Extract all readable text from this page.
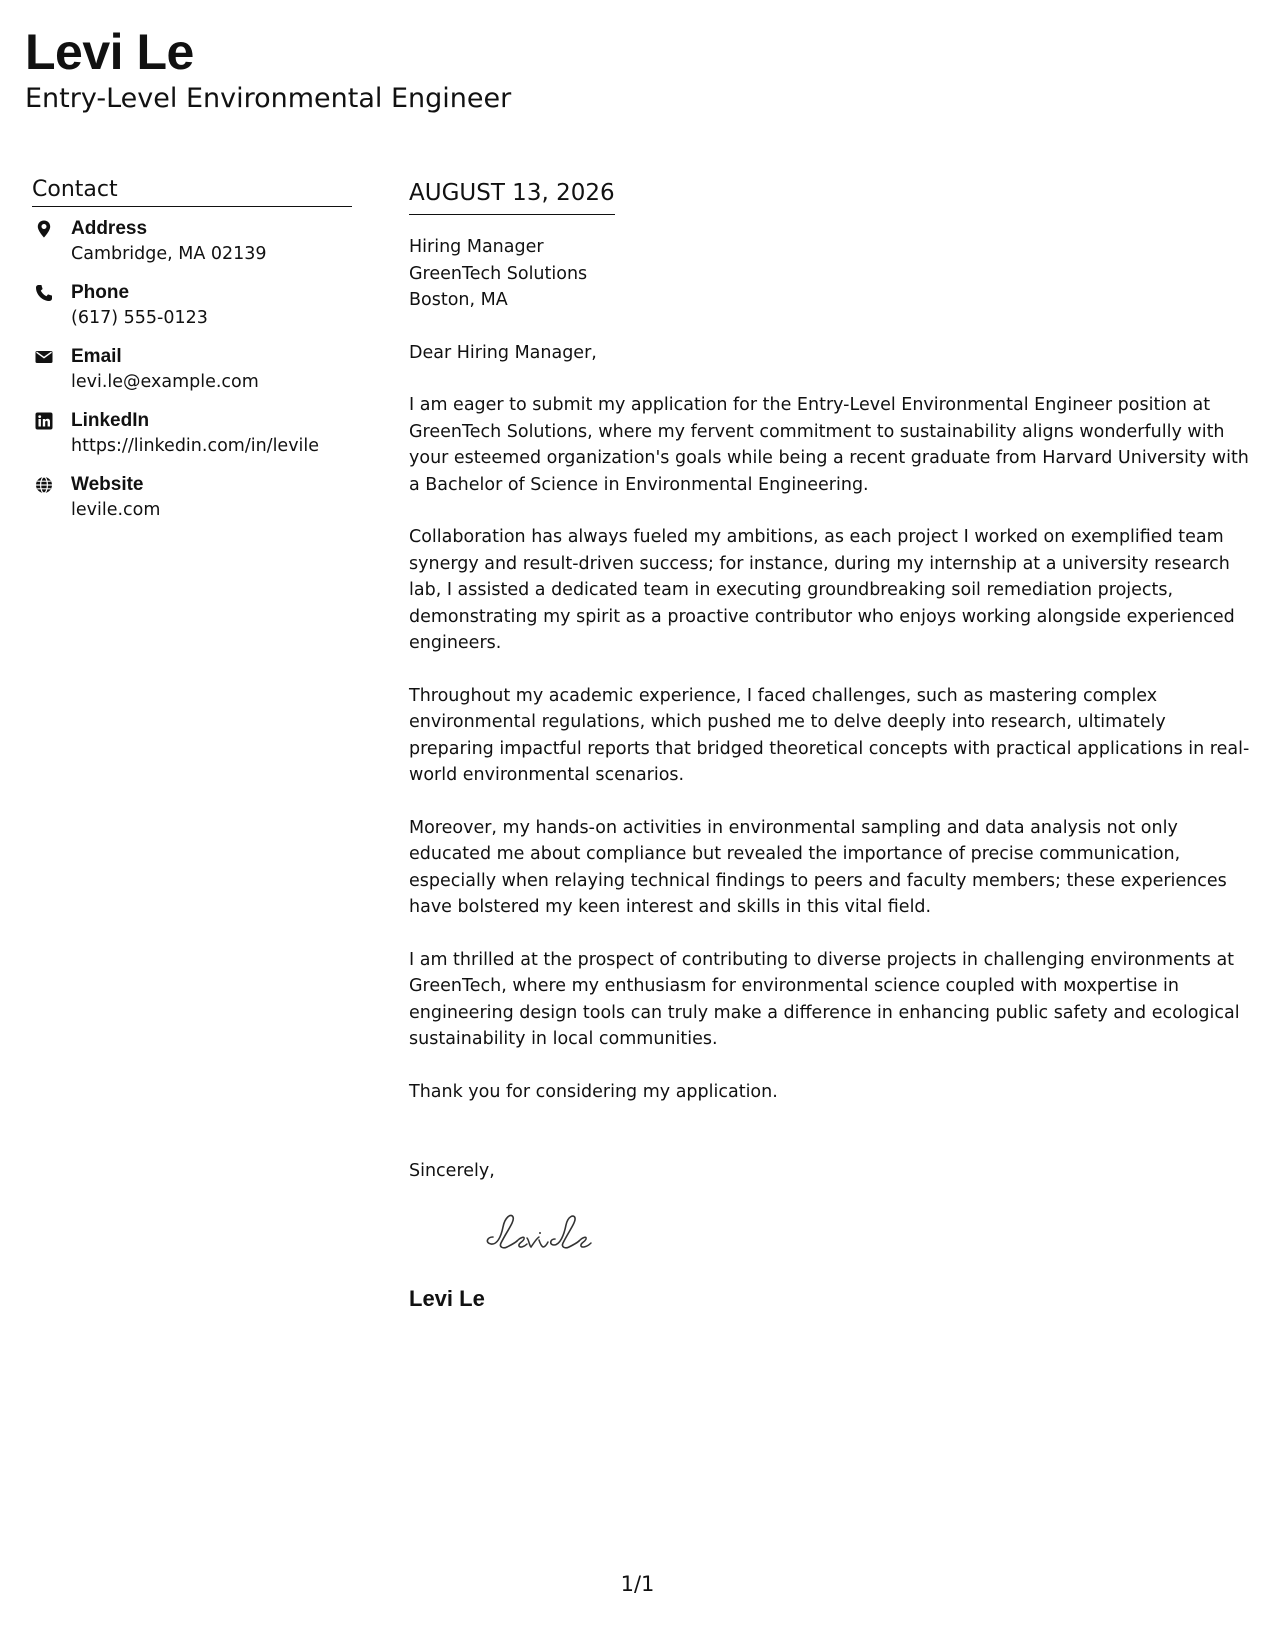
Levi Le
Entry-Level Environmental Engineer
Contact
Address
Cambridge, MA 02139
Phone
(617) 555-0123
Email
levi.le@example.com
LinkedIn
https://linkedin.com/in/levile
Website
levile.com
AUGUST 13, 2026
Hiring Manager
GreenTech Solutions
Boston, MA
Dear Hiring Manager,
I am eager to submit my application for the Entry-Level Environmental Engineer position at GreenTech Solutions, where my fervent commitment to sustainability aligns wonderfully with your esteemed organization's goals while being a recent graduate from Harvard University with a Bachelor of Science in Environmental Engineering.
Collaboration has always fueled my ambitions, as each project I worked on exemplified team synergy and result-driven success; for instance, during my internship at a university research lab, I assisted a dedicated team in executing groundbreaking soil remediation projects, demonstrating my spirit as a proactive contributor who enjoys working alongside experienced engineers.
Throughout my academic experience, I faced challenges, such as mastering complex environmental regulations, which pushed me to delve deeply into research, ultimately preparing impactful reports that bridged theoretical concepts with practical applications in real-world environmental scenarios.
Moreover, my hands-on activities in environmental sampling and data analysis not only educated me about compliance but revealed the importance of precise communication, especially when relaying technical findings to peers and faculty members; these experiences have bolstered my keen interest and skills in this vital field.
I am thrilled at the prospect of contributing to diverse projects in challenging environments at GreenTech, where my enthusiasm for environmental science coupled with мoxpertise in engineering design tools can truly make a difference in enhancing public safety and ecological sustainability in local communities.
Thank you for considering my application.
Sincerely,
Levi Le
1/1
